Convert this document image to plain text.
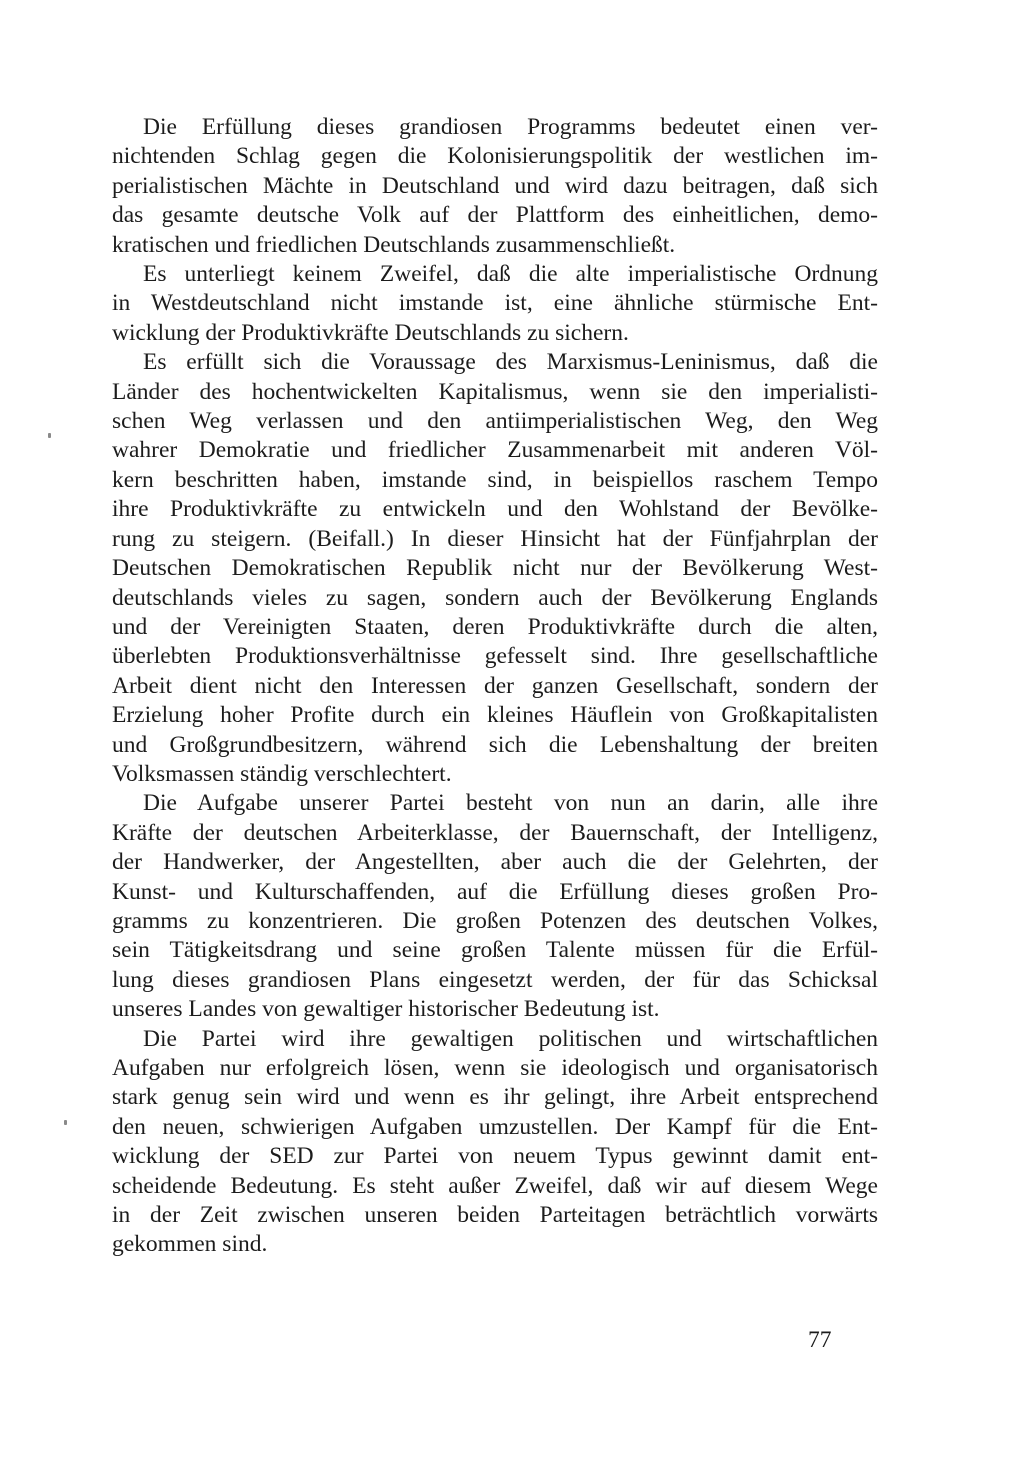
Die Erfüllung dieses grandiosen Programms bedeutet einen ver-
nichtenden Schlag gegen die Kolonisierungspolitik der westlichen im-
perialistischen Mächte in Deutschland und wird dazu beitragen, daß sich
das gesamte deutsche Volk auf der Plattform des einheitlichen, demo-
kratischen und friedlichen Deutschlands zusammenschließt.

Es unterliegt keinem Zweifel, daß die alte imperialistische Ordnung
in Westdeutschland nicht imstande ist, eine ähnliche stürmische Ent-
wicklung der Produktivkräfte Deutschlands zu sichern.

Es erfüllt sich die Voraussage des Marxismus-Leninismus, daß die
Länder des hochentwickelten Kapitalismus, wenn sie den imperialisti-
schen Weg verlassen und den antiimperialistischen Weg, den Weg
wahrer Demokratie und friedlicher Zusammenarbeit mit anderen Völ-
kern beschritten haben, imstande sind, in beispiellos raschem Tempo
ihre Produktivkräfte zu entwickeln und den Wohlstand der Bevölke-
rung zu steigern. (Beifall.) In dieser Hinsicht hat der Fünfjahrplan der
Deutschen Demokratischen Republik nicht nur der Bevölkerung West-
deutschlands vieles zu sagen, sondern auch der Bevölkerung Englands
und der Vereinigten Staaten, deren Produktivkräfte durch die alten,
überlebten Produktionsverhältnisse gefesselt sind. Ihre gesellschaftliche
Arbeit dient nicht den Interessen der ganzen Gesellschaft, sondern der
Erzielung hoher Profite durch ein kleines Häuflein von Großkapitalisten
und Großgrundbesitzern, während sich die Lebenshaltung der breiten
Volksmassen ständig verschlechtert.

Die Aufgabe unserer Partei besteht von nun an darin, alle ihre
Kräfte der deutschen Arbeiterklasse, der Bauernschaft, der Intelligenz,
der Handwerker, der Angestellten, aber auch die der Gelehrten, der
Kunst- und Kulturschaffenden, auf die Erfüllung dieses großen Pro-
gramms zu konzentrieren. Die großen Potenzen des deutschen Volkes,
sein Tätigkeitsdrang und seine großen Talente müssen für die Erfül-
lung dieses grandiosen Plans eingesetzt werden, der für das Schicksal
unseres Landes von gewaltiger historischer Bedeutung ist.

Die Partei wird ihre gewaltigen politischen und wirtschaftlichen
Aufgaben nur erfolgreich lösen, wenn sie ideologisch und organisatorisch
stark genug sein wird und wenn es ihr gelingt, ihre Arbeit entsprechend
den neuen, schwierigen Aufgaben umzustellen. Der Kampf für die Ent-
wicklung der SED zur Partei von neuem Typus gewinnt damit ent-
scheidende Bedeutung. Es steht außer Zweifel, daß wir auf diesem Wege
in der Zeit zwischen unseren beiden Parteitagen beträchtlich vorwärts
gekommen sind.

77
